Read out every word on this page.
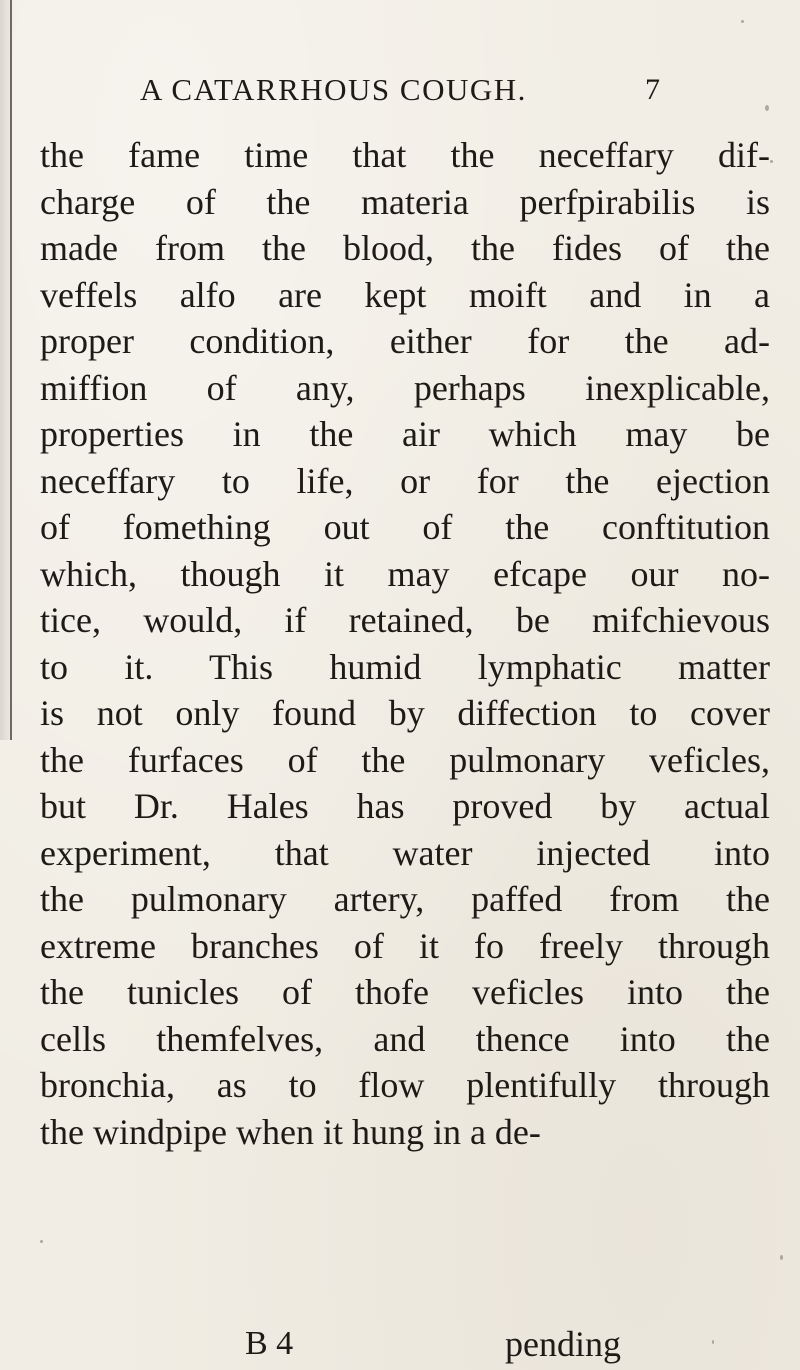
A CATARRHOUS COUGH.	7
the fame time that the neceffary dif-
charge of the materia perfpirabilis is
made from the blood, the fides of the
veffels alfo are kept moift and in a
proper condition, either for the ad-
miffion of any, perhaps inexplicable,
properties in the air which may be
neceffary to life, or for the ejection
of fomething out of the conftitution
which, though it may efcape our no-
tice, would, if retained, be mifchievous
to it. This humid lymphatic matter
is not only found by diffection to cover
the furfaces of the pulmonary veficles,
but Dr. Hales has proved by actual
experiment, that water injected into
the pulmonary artery, paffed from the
extreme branches of it fo freely through
the tunicles of thofe veficles into the
cells themfelves, and thence into the
bronchia, as to flow plentifully through
the windpipe when it hung in a de-
B 4	pending
